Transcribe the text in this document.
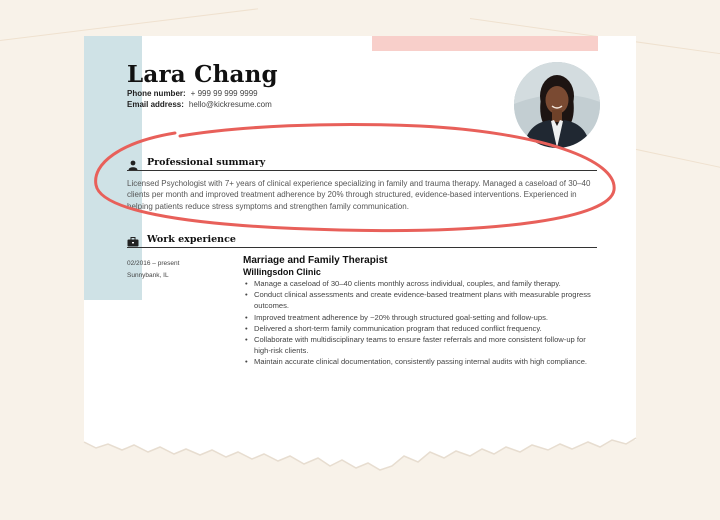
Lara Chang
Phone number: + 999 99 999 9999
Email address: hello@kickresume.com
Professional summary
Licensed Psychologist with 7+ years of clinical experience specializing in family and trauma therapy. Managed a caseload of 30–40 clients per month and improved treatment adherence by 20% through structured, evidence-based interventions. Experienced in helping patients reduce stress symptoms and strengthen family communication.
Work experience
02/2016 – present
Sunnybank, IL
Marriage and Family Therapist
Willingsdon Clinic
• Manage a caseload of 30–40 clients monthly across individual, couples, and family therapy.
• Conduct clinical assessments and create evidence-based treatment plans with measurable progress outcomes.
• Improved treatment adherence by ~20% through structured goal-setting and follow-ups.
• Delivered a short-term family communication program that reduced conflict frequency.
• Collaborate with multidisciplinary teams to ensure faster referrals and more consistent follow-up for high-risk clients.
• Maintain accurate clinical documentation, consistently passing internal audits with high compliance.
